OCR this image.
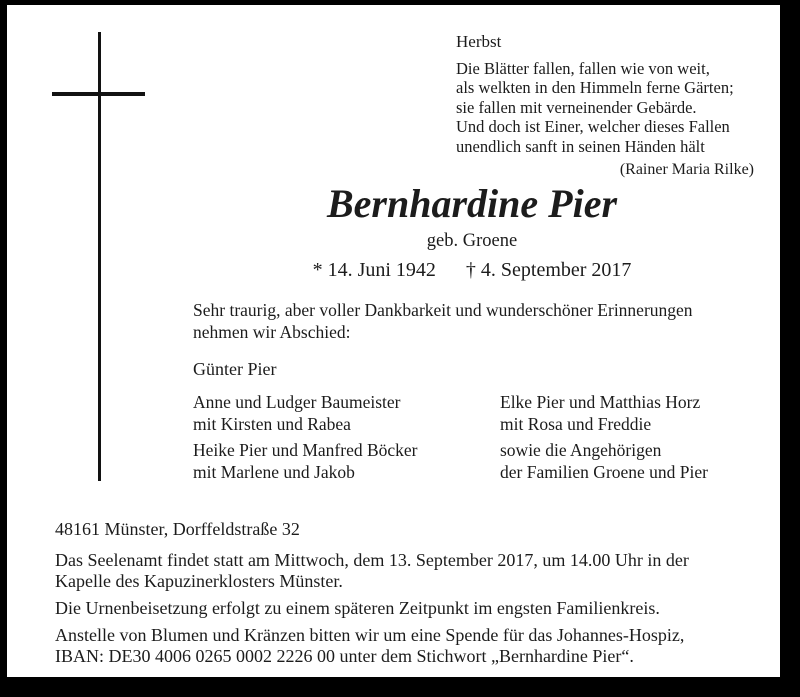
Herbst
Die Blätter fallen, fallen wie von weit,
als welkten in den Himmeln ferne Gärten;
sie fallen mit verneinender Gebärde.
Und doch ist Einer, welcher dieses Fallen
unendlich sanft in seinen Händen hält
(Rainer Maria Rilke)
Bernhardine Pier
geb. Groene
* 14. Juni 1942 † 4. September 2017
Sehr traurig, aber voller Dankbarkeit und wunderschöner Erinnerungen
nehmen wir Abschied:
Günter Pier
Anne und Ludger Baumeister
mit Kirsten und Rabea
Heike Pier und Manfred Böcker
mit Marlene und Jakob
Elke Pier und Matthias Horz
mit Rosa und Freddie
sowie die Angehörigen
der Familien Groene und Pier
48161 Münster, Dorffeldstraße 32
Das Seelenamt findet statt am Mittwoch, dem 13. September 2017, um 14.00 Uhr in der
Kapelle des Kapuzinerklosters Münster.
Die Urnenbeisetzung erfolgt zu einem späteren Zeitpunkt im engsten Familienkreis.
Anstelle von Blumen und Kränzen bitten wir um eine Spende für das Johannes-Hospiz,
IBAN: DE30 4006 0265 0002 2226 00 unter dem Stichwort „Bernhardine Pier“.
